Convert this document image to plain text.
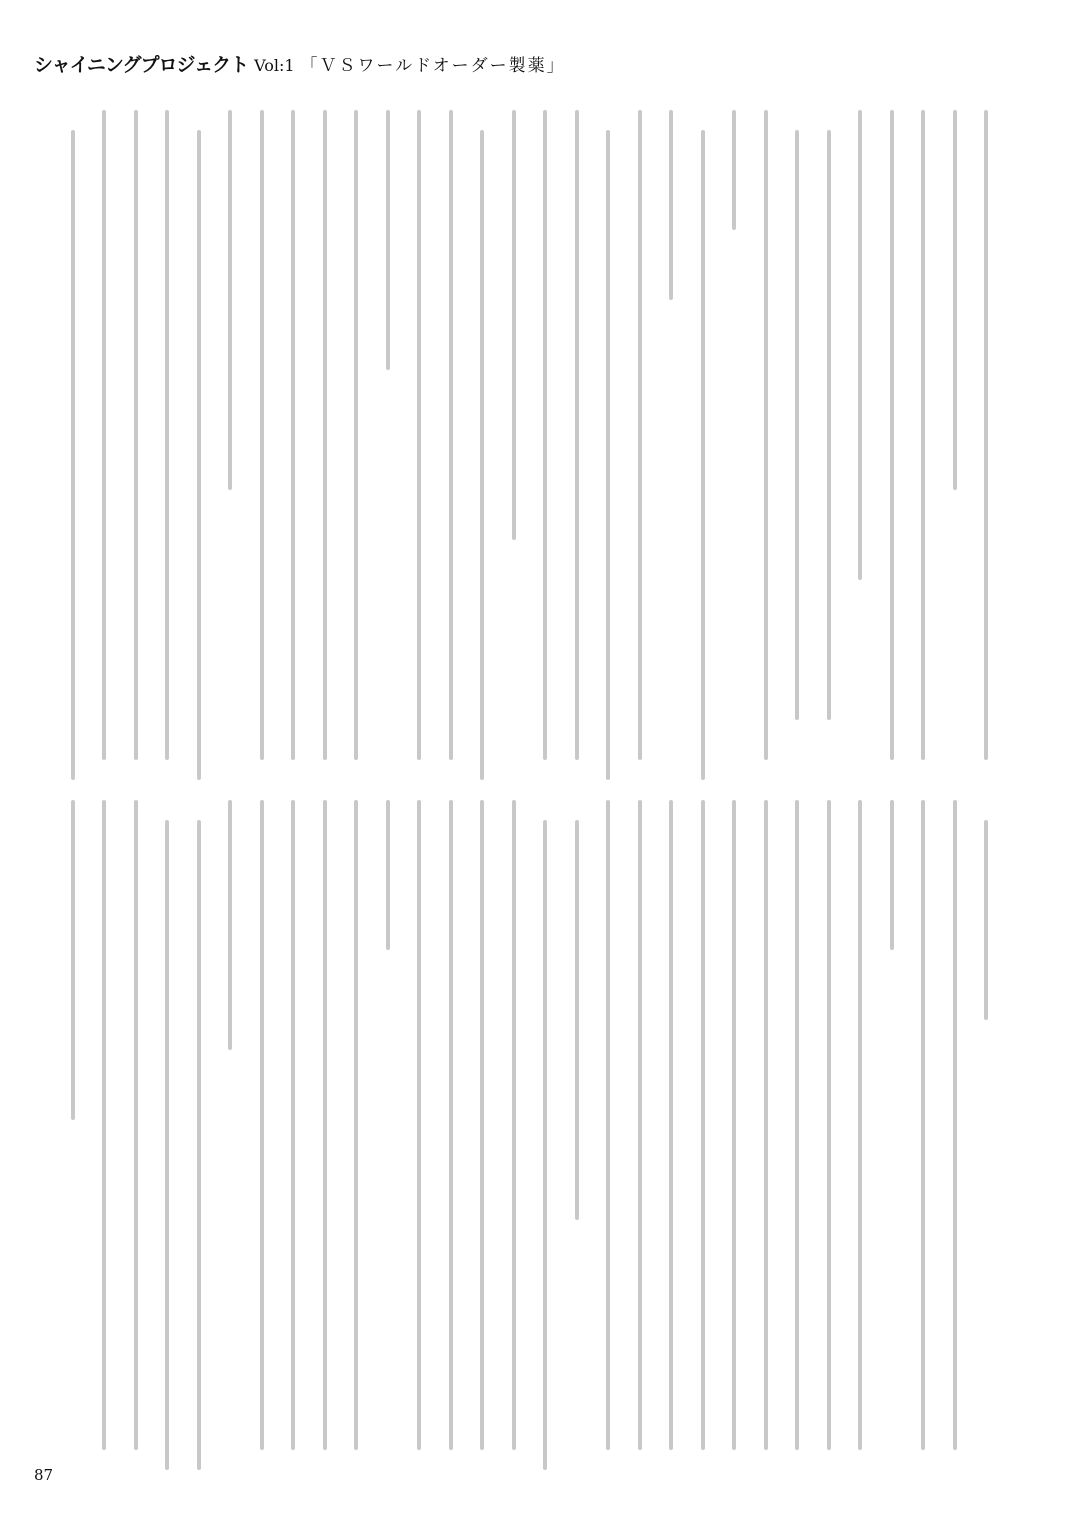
シャイニングプロジェクト Vol:1 「ＶＳワールドオーダー製薬」
87
